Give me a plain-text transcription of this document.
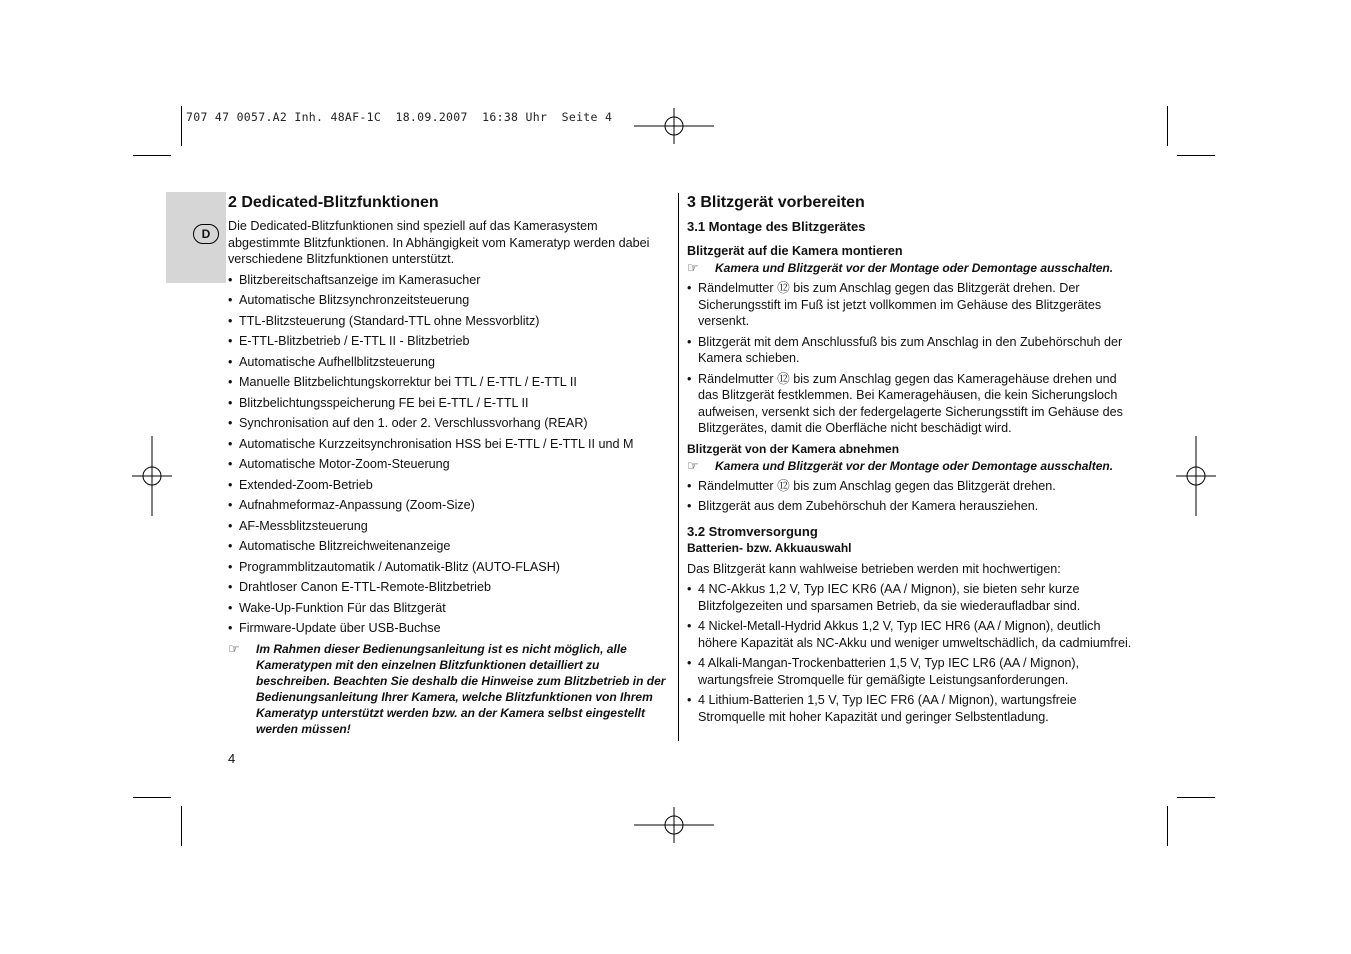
707 47 0057.A2 Inh. 48AF-1C  18.09.2007  16:38 Uhr  Seite 4
D
2 Dedicated-Blitzfunktionen

Die Dedicated-Blitzfunktionen sind speziell auf das Kamerasystem abgestimmte Blitzfunktionen. In Abhängigkeit vom Kameratyp werden dabei verschiedene Blitzfunktionen unterstützt.

• Blitzbereitschaftsanzeige im Kamerasucher
• Automatische Blitzsynchronzeitsteuerung
• TTL-Blitzsteuerung (Standard-TTL ohne Messvorblitz)
• E-TTL-Blitzbetrieb / E-TTL II - Blitzbetrieb
• Automatische Aufhellblitzsteuerung
• Manuelle Blitzbelichtungskorrektur bei TTL / E-TTL / E-TTL II
• Blitzbelichtungsspeicherung FE bei E-TTL / E-TTL II
• Synchronisation auf den 1. oder 2. Verschlussvorhang (REAR)
• Automatische Kurzzeitsynchronisation HSS bei E-TTL / E-TTL II und M
• Automatische Motor-Zoom-Steuerung
• Extended-Zoom-Betrieb
• Aufnahmeformaz-Anpassung (Zoom-Size)
• AF-Messblitzsteuerung
• Automatische Blitzreichweitenanzeige
• Programmblitzautomatik / Automatik-Blitz (AUTO-FLASH)
• Drahtloser Canon E-TTL-Remote-Blitzbetrieb
• Wake-Up-Funktion Für das Blitzgerät
• Firmware-Update über USB-Buchse
☞	Im Rahmen dieser Bedienungsanleitung ist es nicht möglich, alle Kameratypen mit den einzelnen Blitzfunktionen detailliert zu beschreiben. Beachten Sie deshalb die Hinweise zum Blitzbetrieb in der Bedienungsanleitung Ihrer Kamera, welche Blitzfunktionen von Ihrem Kameratyp unterstützt werden bzw. an der Kamera selbst eingestellt werden müssen!
3 Blitzgerät vorbereiten
3.1 Montage des Blitzgerätes
Blitzgerät auf die Kamera montieren
☞	Kamera und Blitzgerät vor der Montage oder Demontage ausschalten.
• Rändelmutter ⑫ bis zum Anschlag gegen das Blitzgerät drehen. Der Sicherungsstift im Fuß ist jetzt vollkommen im Gehäuse des Blitzgerätes versenkt.
• Blitzgerät mit dem Anschlussfuß bis zum Anschlag in den Zubehörschuh der Kamera schieben.
• Rändelmutter ⑫ bis zum Anschlag gegen das Kameragehäuse drehen und das Blitzgerät festklemmen. Bei Kameragehäusen, die kein Sicherungsloch aufweisen, versenkt sich der federgelagerte Sicherungsstift im Gehäuse des Blitzgerätes, damit die Oberfläche nicht beschädigt wird.
Blitzgerät von der Kamera abnehmen
☞	Kamera und Blitzgerät vor der Montage oder Demontage ausschalten.
• Rändelmutter ⑫ bis zum Anschlag gegen das Blitzgerät drehen.
• Blitzgerät aus dem Zubehörschuh der Kamera herausziehen.
3.2 Stromversorgung
Batterien- bzw. Akkuauswahl

Das Blitzgerät kann wahlweise betrieben werden mit hochwertigen:

• 4 NC-Akkus 1,2 V, Typ IEC KR6 (AA / Mignon), sie bieten sehr kurze Blitzfolgezeiten und sparsamen Betrieb, da sie wiederaufladbar sind.
• 4 Nickel-Metall-Hydrid Akkus 1,2 V, Typ IEC HR6 (AA / Mignon), deutlich höhere Kapazität als NC-Akku und weniger umweltschädlich, da cadmiumfrei.
• 4 Alkali-Mangan-Trockenbatterien 1,5 V, Typ IEC LR6 (AA / Mignon), wartungsfreie Stromquelle für gemäßigte Leistungsanforderungen.
• 4 Lithium-Batterien 1,5 V, Typ IEC FR6 (AA / Mignon), wartungsfreie Stromquelle mit hoher Kapazität und geringer Selbstentladung.
4
